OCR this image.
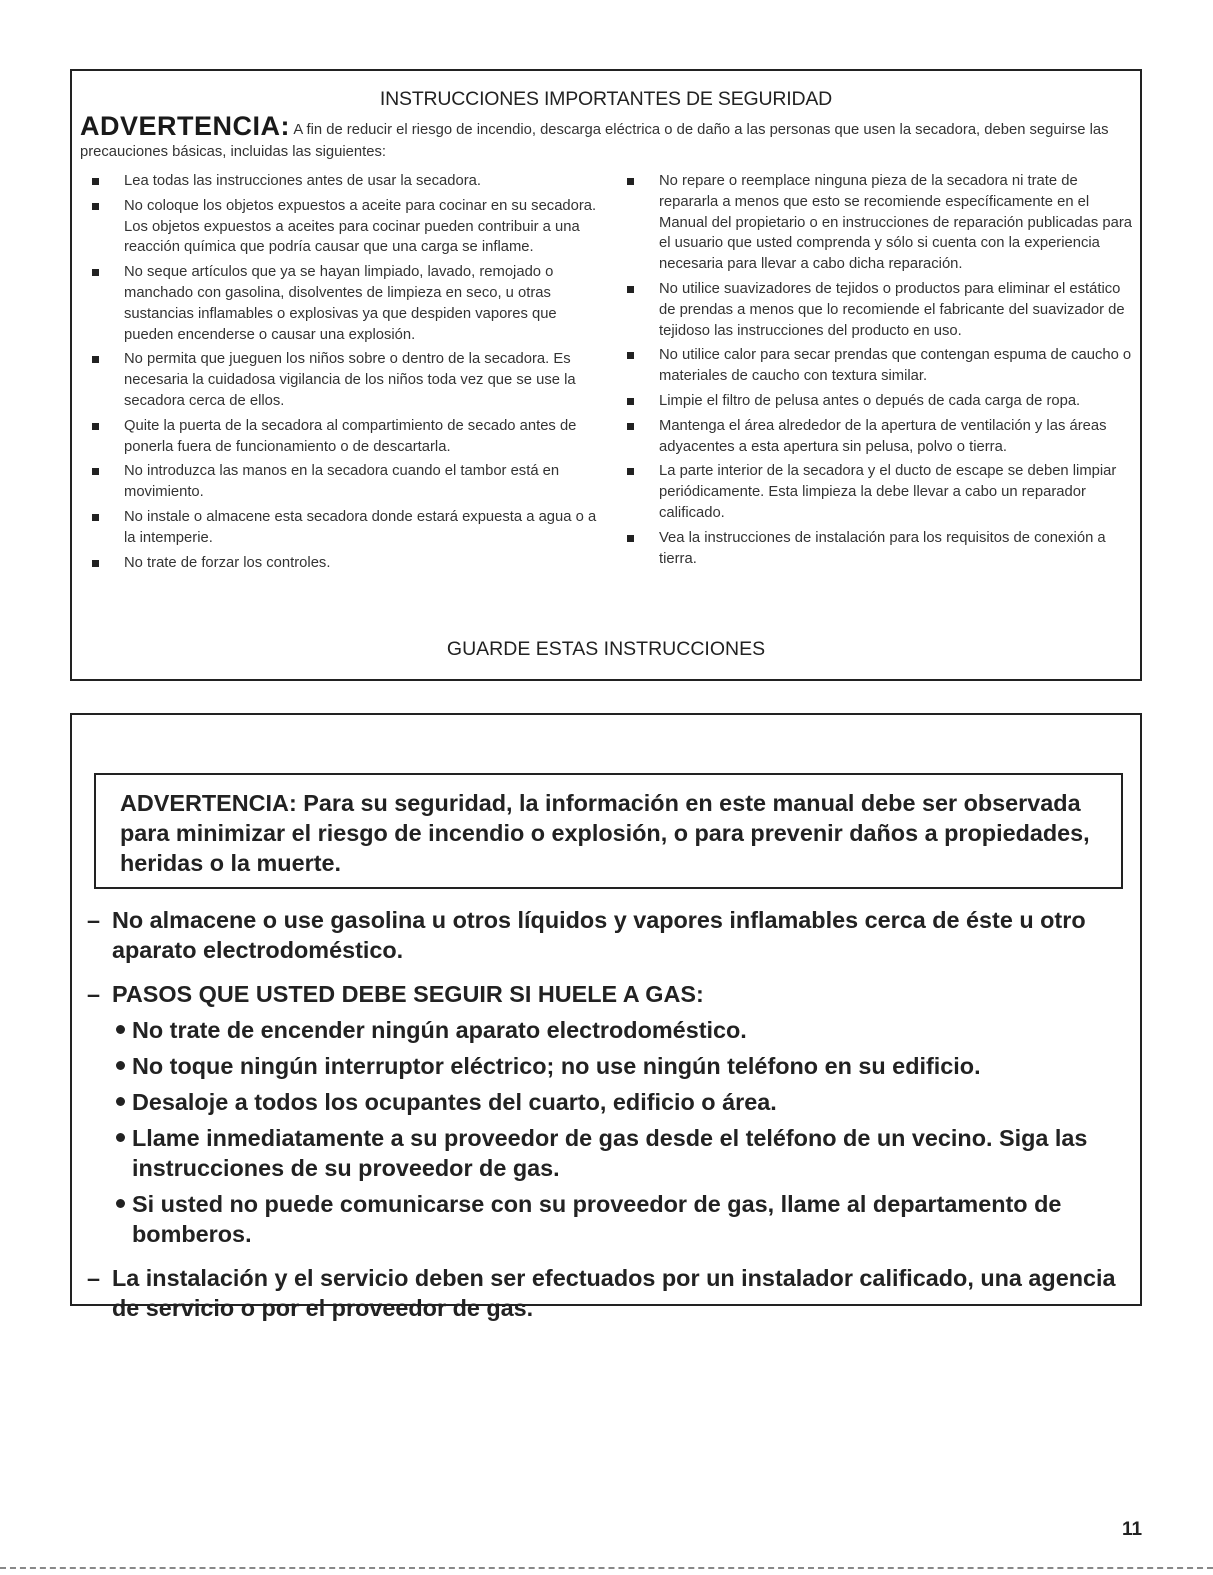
INSTRUCCIONES IMPORTANTES DE SEGURIDAD
ADVERTENCIA: A fin de reducir el riesgo de incendio, descarga eléctrica o de daño a las personas que usen la secadora, deben seguirse las precauciones básicas, incluidas las siguientes:
Lea todas las instrucciones antes de usar la secadora.
No coloque los objetos expuestos a aceite para cocinar en su secadora. Los objetos expuestos a aceites para cocinar pueden contribuir a una reacción química que podría causar que una carga se inflame.
No seque artículos que ya se hayan limpiado, lavado, remojado o manchado con gasolina, disolventes de limpieza en seco, u otras sustancias inflamables o explosivas ya que despiden vapores que pueden encenderse o causar una explosión.
No permita que jueguen los niños sobre o dentro de la secadora. Es necesaria la cuidadosa vigilancia de los niños toda vez que se use la secadora cerca de ellos.
Quite la puerta de la secadora al compartimiento de secado antes de ponerla fuera de funcionamiento o de descartarla.
No introduzca las manos en la secadora cuando el tambor está en movimiento.
No instale o almacene esta secadora donde estará expuesta a agua o a la intemperie.
No trate de forzar los controles.
No repare o reemplace ninguna pieza de la secadora ni trate de repararla a menos que esto se recomiende específicamente en el Manual del propietario o en instrucciones de reparación publicadas para el usuario que usted comprenda y sólo si cuenta con la experiencia necesaria para llevar a cabo dicha reparación.
No utilice suavizadores de tejidos o productos para eliminar el estático de prendas a menos que lo recomiende el fabricante del suavizador de tejidoso las instrucciones del producto en uso.
No utilice calor para secar prendas que contengan espuma de caucho o materiales de caucho con textura similar.
Limpie el filtro de pelusa antes o depués de cada carga de ropa.
Mantenga el área alrededor de la apertura de ventilación y las áreas adyacentes a esta apertura sin pelusa, polvo o tierra.
La parte interior de la secadora y el ducto de escape se deben limpiar periódicamente. Esta limpieza la debe llevar a cabo un reparador calificado.
Vea la instrucciones de instalación para los requisitos de conexión a tierra.
GUARDE ESTAS INSTRUCCIONES
ADVERTENCIA: Para su seguridad, la información en este manual debe ser observada para minimizar el riesgo de incendio o explosión, o para prevenir daños a propiedades, heridas o la muerte.
– No almacene o use gasolina u otros líquidos y vapores inflamables cerca de éste u otro aparato electrodoméstico.
– PASOS QUE USTED DEBE SEGUIR SI HUELE A GAS:
No trate de encender ningún aparato electrodoméstico.
No toque ningún interruptor eléctrico; no use ningún teléfono en su edificio.
Desaloje a todos los ocupantes del cuarto, edificio o área.
Llame inmediatamente a su proveedor de gas desde el teléfono de un vecino. Siga las instrucciones de su proveedor de gas.
Si usted no puede comunicarse con su proveedor de gas, llame al departamento de bomberos.
– La instalación y el servicio deben ser efectuados por un instalador calificado, una agencia de servicio o por el proveedor de gas.
11
